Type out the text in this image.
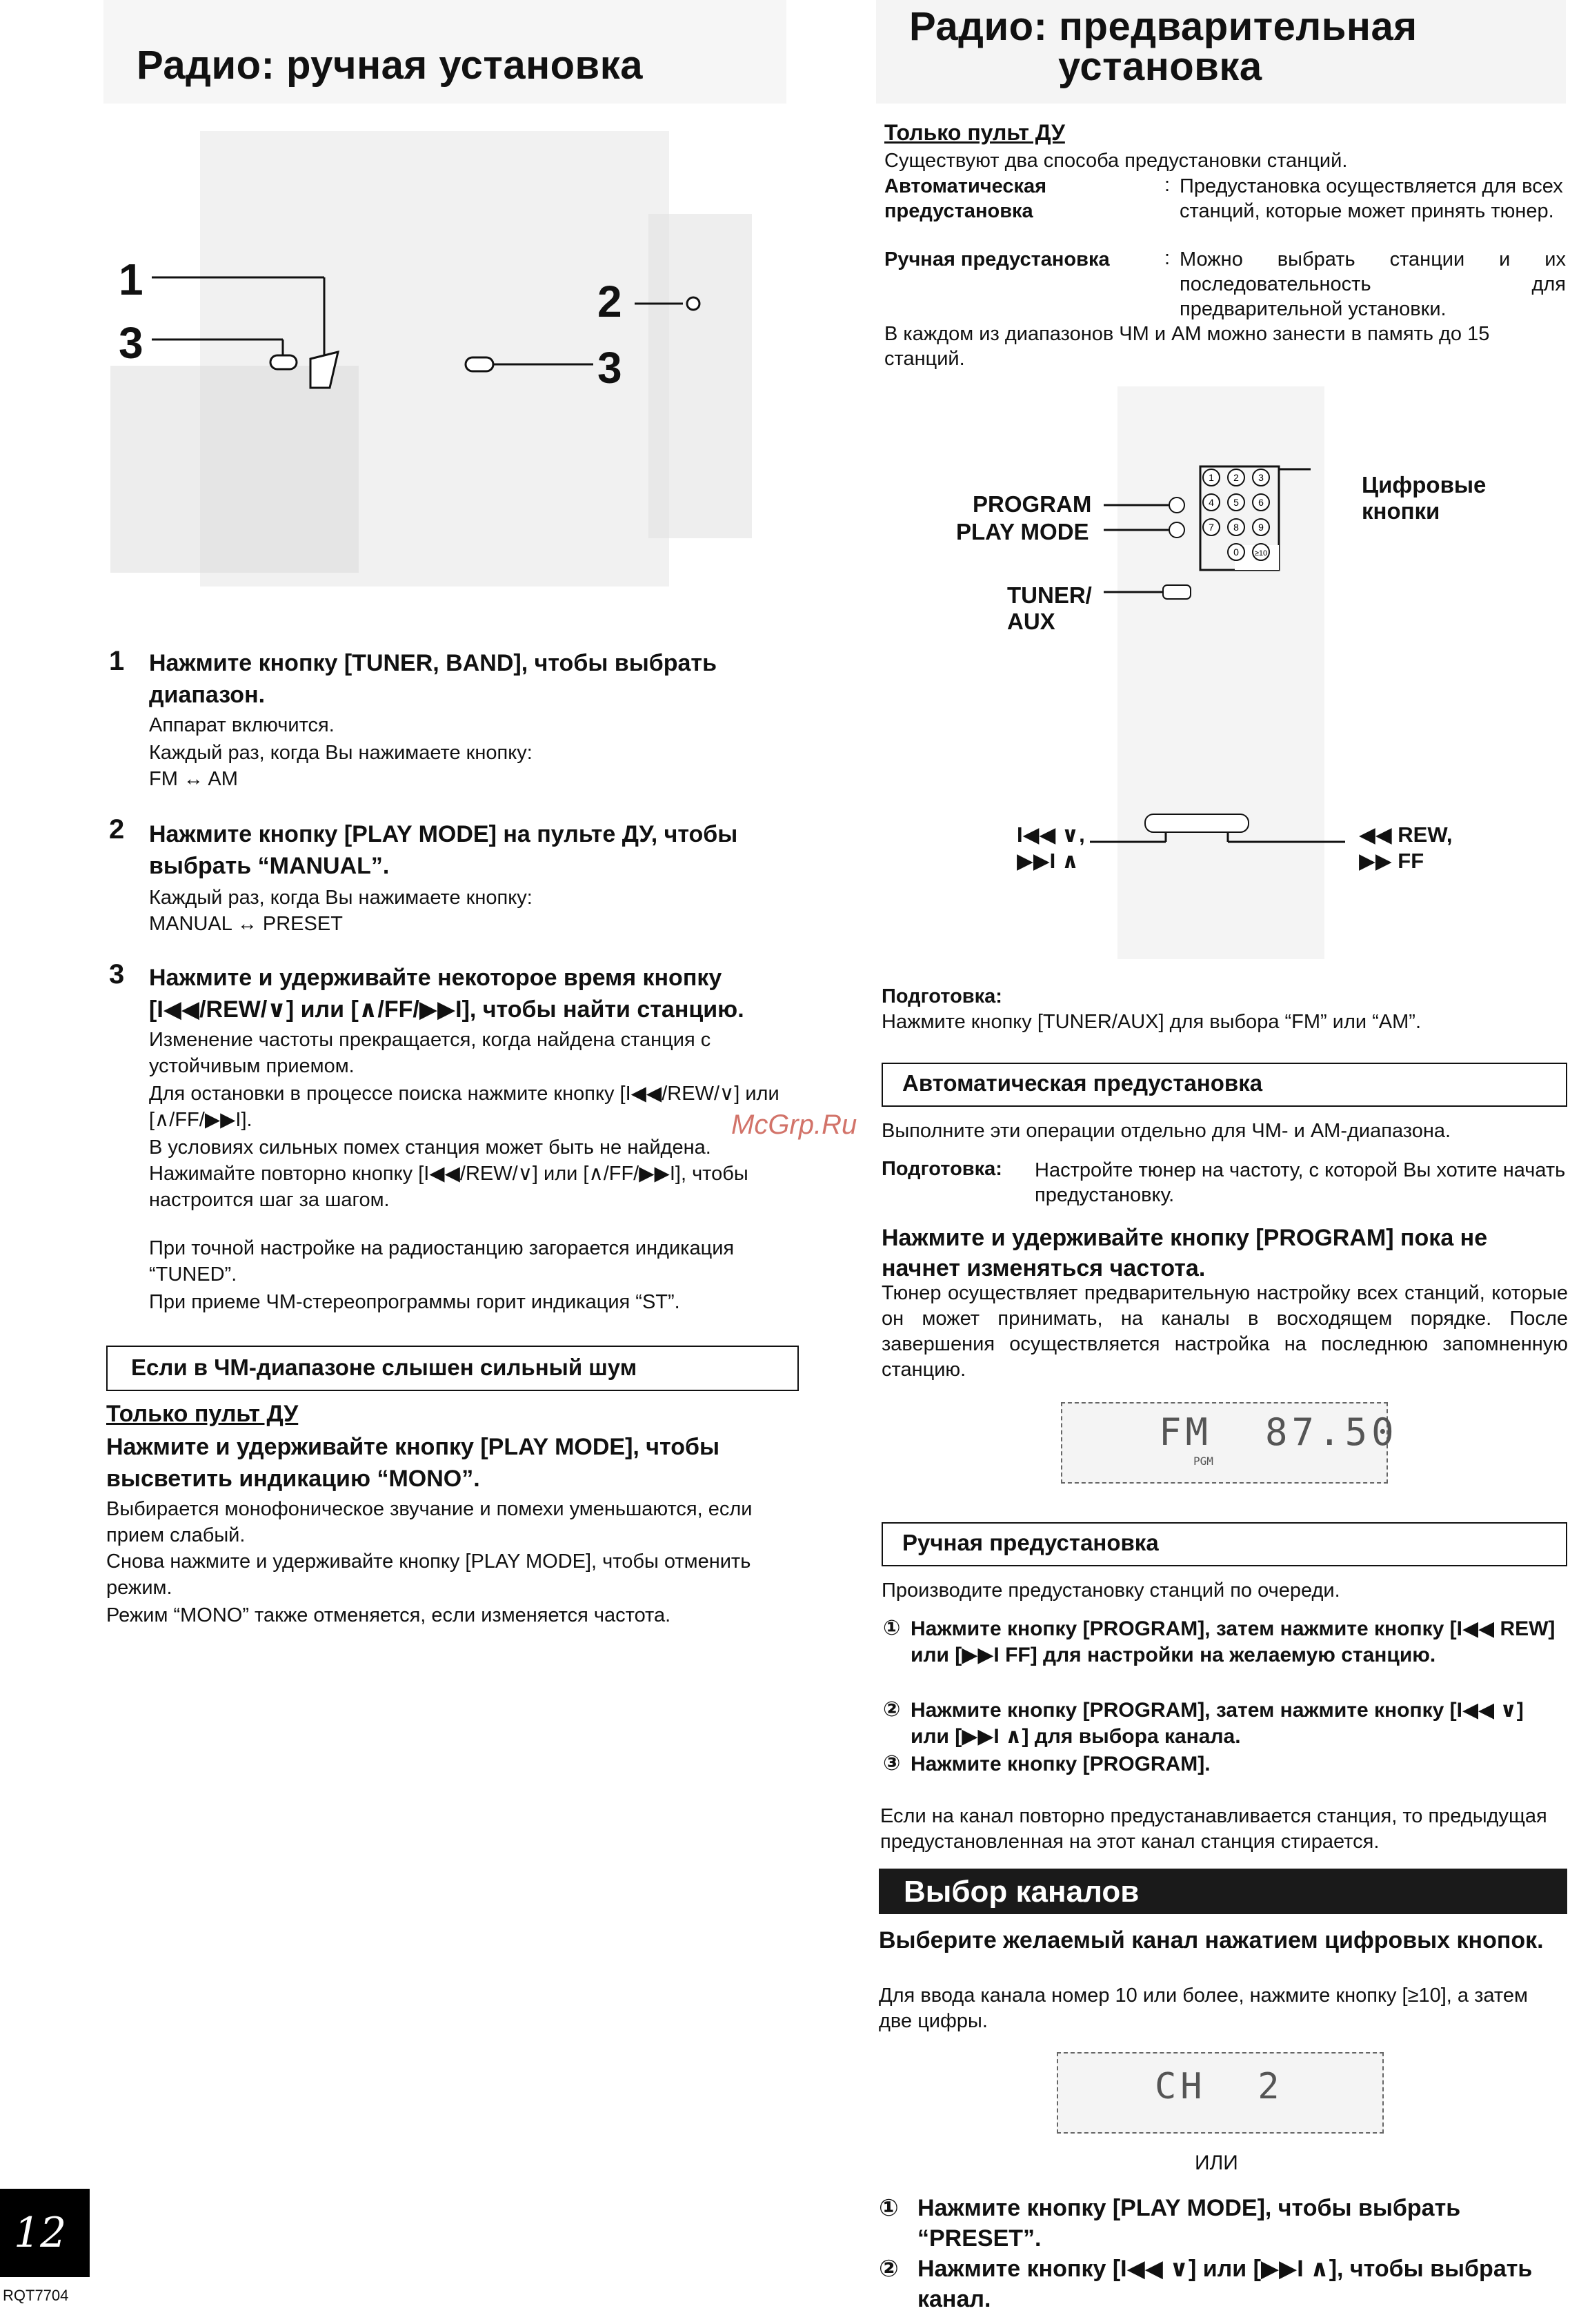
Радио: ручная установка
1
3
2
3
1 Нажмите кнопку [TUNER, BAND], чтобы выбрать диапазон.
Аппарат включится.
Каждый раз, когда Вы нажимаете кнопку:
FM ↔ AM
2 Нажмите кнопку [PLAY MODE] на пульте ДУ, чтобы выбрать “MANUAL”.
Каждый раз, когда Вы нажимаете кнопку:
MANUAL ↔ PRESET
3 Нажмите и удерживайте некоторое время кнопку [I◀◀/REW/∨] или [∧/FF/▶▶I], чтобы найти станцию.
Изменение частоты прекращается, когда найдена станция с устойчивым приемом.
Для остановки в процессе поиска нажмите кнопку [I◀◀/REW/∨] или [∧/FF/▶▶I].
В условиях сильных помех станция может быть не найдена.
Нажимайте повторно кнопку [I◀◀/REW/∨] или [∧/FF/▶▶I], чтобы настроится шаг за шагом.
При точной настройке на радиостанцию загорается индикация “TUNED”.
При приеме ЧМ-стереопрограммы горит индикация “ST”.
Если в ЧМ-диапазоне слышен сильный шум
Только пульт ДУ
Нажмите и удерживайте кнопку [PLAY MODE], чтобы высветить индикацию “MONO”.
Выбирается монофоническое звучание и помехи уменьшаются, если прием слабый.
Снова нажмите и удерживайте кнопку [PLAY MODE], чтобы отменить режим.
Режим “MONO” также отменяется, если изменяется частота.
12
RQT7704
McGrp.Ru
Радио: предварительная
установка
Только пульт ДУ
Существуют два способа предустановки станций.
Автоматическая предустановка
: Предустановка осуществляется для всех станций, которые может принять тюнер.
Ручная предустановка	: Можно выбрать станции и их последовательность для предварительной установки.
В каждом из диапазонов ЧМ и АМ можно занести в память до 15 станций.
1 2 3
4 5 6
7 8 9
0 ≥10
PROGRAM
PLAY MODE
Цифровые
кнопки
TUNER/
AUX
I◀◀ ∨,
▶▶I ∧
◀◀ REW,
▶▶ FF
Подготовка:
Нажмите кнопку [TUNER/AUX] для выбора “FM” или “AM”.
Автоматическая предустановка
Выполните эти операции отдельно для ЧМ- и АМ-диапазона.
Подготовка: Настройте тюнер на частоту, с которой Вы хотите начать предустановку.
Нажмите и удерживайте кнопку [PROGRAM] пока не начнет изменяться частота.
Тюнер осуществляет предварительную настройку всех станций, которые он может принимать, на каналы в восходящем порядке. После завершения осуществляется настройка на последнюю запомненную станцию.
FM  87.50
PGM
Ручная предустановка
Производите предустановку станций по очереди.
① Нажмите кнопку [PROGRAM], затем нажмите кнопку [I◀◀ REW] или [▶▶I FF] для настройки на желаемую станцию.
② Нажмите кнопку [PROGRAM], затем нажмите кнопку [I◀◀ ∨] или [▶▶I ∧] для выбора канала.
③ Нажмите кнопку [PROGRAM].
Если на канал повторно предустанавливается станция, то предыдущая предустановленная на этот канал станция стирается.
Выбор каналов
Выберите желаемый канал нажатием цифровых кнопок.
Для ввода канала номер 10 или более, нажмите кнопку [≥10], а затем две цифры.
CH  2
ИЛИ
① Нажмите кнопку [PLAY MODE], чтобы выбрать “PRESET”.
② Нажмите кнопку [I◀◀ ∨] или [▶▶I ∧], чтобы выбрать канал.
